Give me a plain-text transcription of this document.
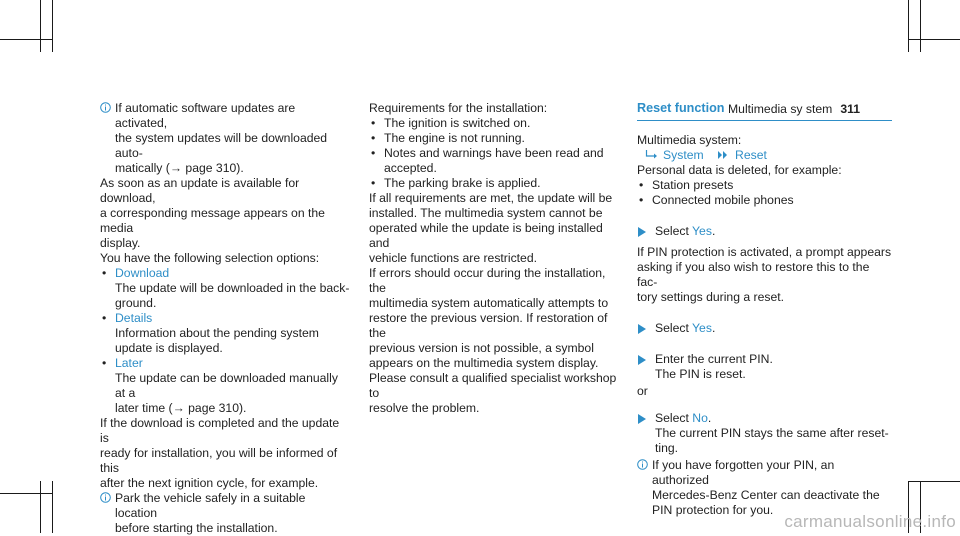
Multimedia sy stem 311

If automatic software updates are activated,

the system updates will be downloaded auto‐

matically (→ page 310).

As soon as an update is available for download,

a corresponding message appears on the media

display.

You have the following selection options:

• Download

The update will be downloaded in the back‐

ground.

• Details

Information about the pending system

update is displayed.

• Later

The update can be downloaded manually at a

later time (→ page 310).

If the download is completed and the update is

ready for installation, you will be informed of this

after the next ignition cycle, for example.

Park the vehicle safely in a suitable location

before starting the installation.

Requirements for the installation:

• The ignition is switched on.

• The engine is not running.

• Notes and warnings have been read and

accepted.

• The parking brake is applied.

If all requirements are met, the update will be

installed. The multimedia system cannot be

operated while the update is being installed and

vehicle functions are restricted.

If errors should occur during the installation, the

multimedia system automatically attempts to

restore the previous version. If restoration of the

previous version is not possible, a symbol

appears on the multimedia system display.

Please consult a qualified specialist workshop to

resolve the problem.

Reset function

Multimedia system:

System	Reset

Personal data is deleted, for example:

• Station presets

• Connected mobile phones

Select Yes.

If PIN protection is activated, a prompt appears

asking if you also wish to restore this to the fac‐

tory settings during a reset.

Select Yes.

Enter the current PIN.

The PIN is reset.

or

Select No.

The current PIN stays the same after reset‐

ting.

If you have forgotten your PIN, an authorized

Mercedes-Benz Center can deactivate the

PIN protection for you.

carmanualsonline.info
